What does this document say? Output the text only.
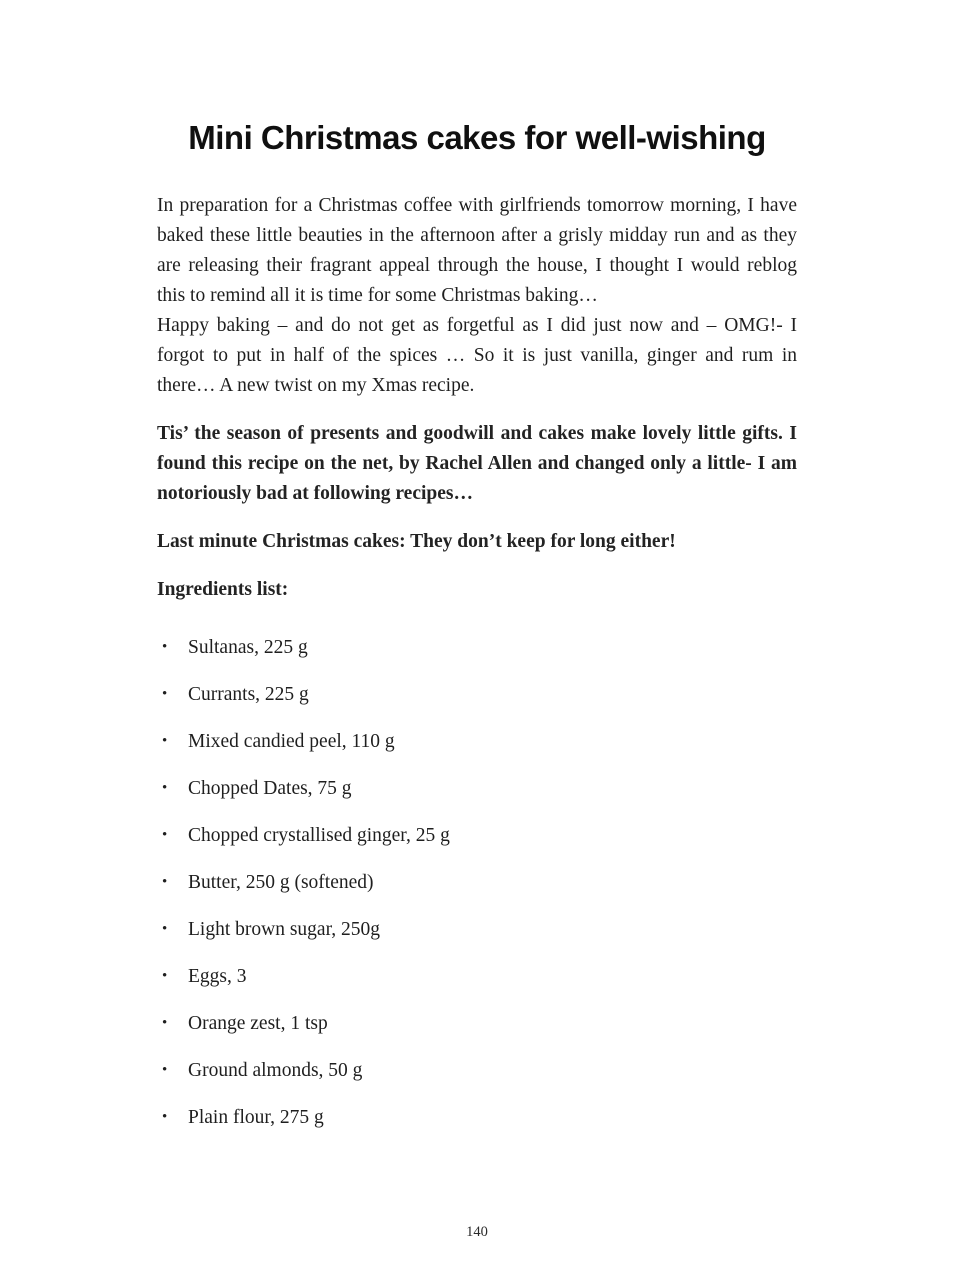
Mini Christmas cakes for well-wishing

In preparation for a Christmas coffee with girlfriends tomorrow morning, I have baked these little beauties in the afternoon after a grisly midday run and as they are releasing their fragrant appeal through the house, I thought I would reblog this to remind all it is time for some Christmas baking…

Happy baking – and do not get as forgetful as I did just now and – OMG!- I forgot to put in half of the spices … So it is just vanilla, ginger and rum in there… A new twist on my Xmas recipe.

Tis’ the season of presents and goodwill and cakes make lovely little gifts. I found this recipe on the net, by Rachel Allen and changed only a little- I am notoriously bad at following recipes…

Last minute Christmas cakes: They don’t keep for long either!

Ingredients list:

•
Sultanas, 225 g
•
Currants, 225 g
•
Mixed candied peel, 110 g
•
Chopped Dates, 75 g
•
Chopped crystallised ginger, 25 g
•
Butter, 250 g (softened)
•
Light brown sugar, 250g
•
Eggs, 3
•
Orange zest, 1 tsp
•
Ground almonds, 50 g
•
Plain flour, 275 g
140
